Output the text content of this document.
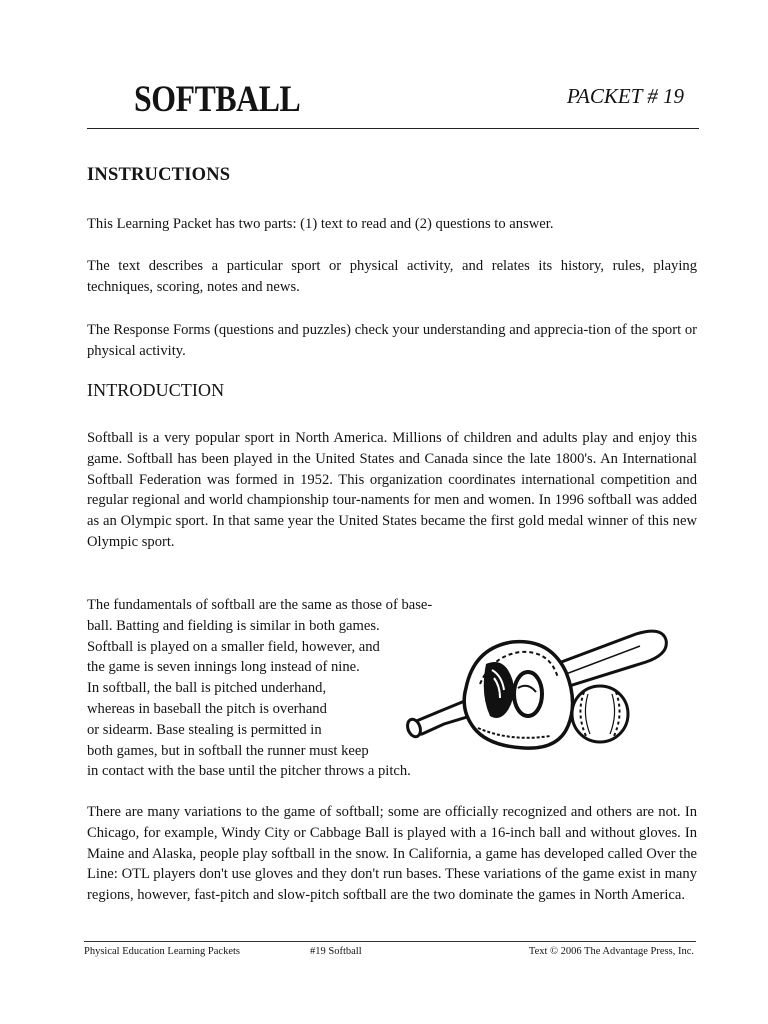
SOFTBALL	PACKET # 19
INSTRUCTIONS

This Learning Packet has two parts: (1) text to read and (2) questions to answer.

The text describes a particular sport or physical activity, and relates its history, rules, playing techniques, scoring, notes and news.

The Response Forms (questions and puzzles) check your understanding and apprecia-tion of the sport or physical activity.

INTRODUCTION

Softball is a very popular sport in North America. Millions of children and adults play and enjoy this game. Softball has been played in the United States and Canada since the late 1800's. An International Softball Federation was formed in 1952. This organization coordinates international competition and regular regional and world championship tour-naments for men and women. In 1996 softball was added as an Olympic sport. In that same year the United States became the first gold medal winner of this new Olympic sport.

The fundamentals of softball are the same as those of base-
ball. Batting and fielding is similar in both games.
Softball is played on a smaller field, however, and
the game is seven innings long instead of nine.
In softball, the ball is pitched underhand,
whereas in baseball the pitch is overhand
or sidearm. Base stealing is permitted in
both games, but in softball the runner must keep
in contact with the base until the pitcher throws a pitch.

There are many variations to the game of softball; some are officially recognized and others are not. In Chicago, for example, Windy City or Cabbage Ball is played with a 16-inch ball and without gloves. In Maine and Alaska, people play softball in the snow. In California, a game has developed called Over the Line: OTL players don't use gloves and they don't run bases. These variations of the game exist in many regions, however, fast-pitch and slow-pitch softball are the two dominate the games in North America.

Physical Education Learning Packets	#19 Softball	Text © 2006 The Advantage Press, Inc.
